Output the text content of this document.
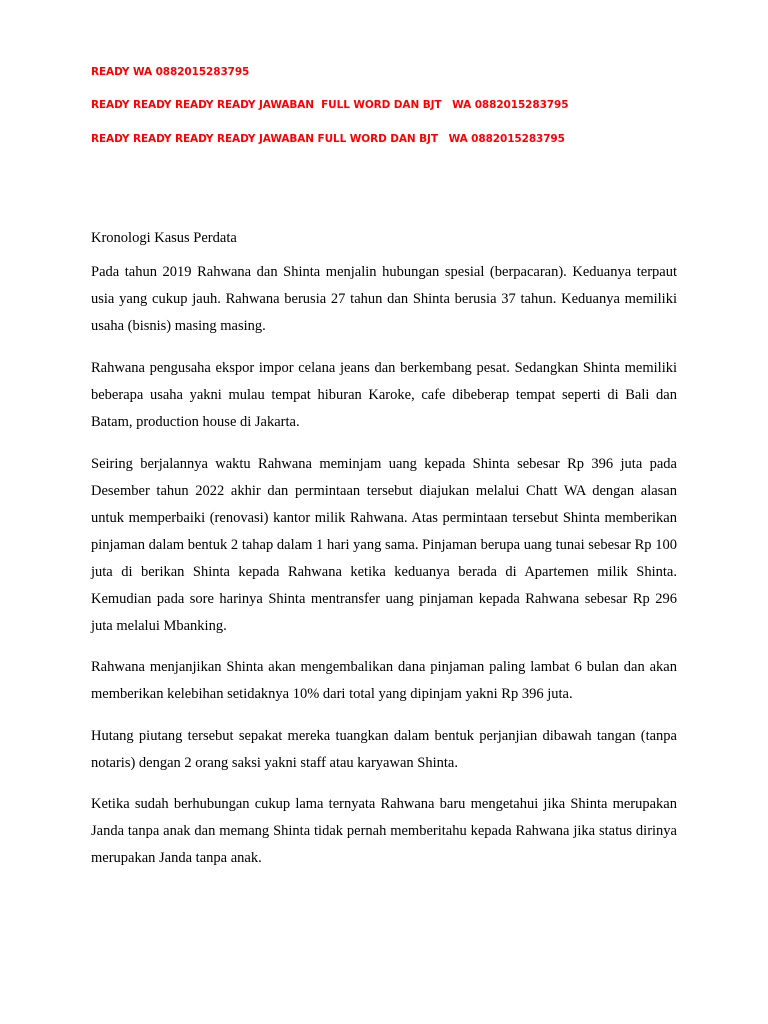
READY WA 0882015283795
READY READY READY READY JAWABAN  FULL WORD DAN BJT   WA 0882015283795
READY READY READY READY JAWABAN FULL WORD DAN BJT   WA 0882015283795
Kronologi Kasus Perdata

Pada tahun 2019 Rahwana dan Shinta menjalin hubungan spesial (berpacaran). Keduanya terpaut usia yang cukup jauh. Rahwana berusia 27 tahun dan Shinta berusia 37 tahun. Keduanya memiliki usaha (bisnis) masing masing.

Rahwana pengusaha ekspor impor celana jeans dan berkembang pesat. Sedangkan Shinta memiliki beberapa usaha yakni mulau tempat hiburan Karoke, cafe dibeberap tempat seperti di Bali dan Batam, production house di Jakarta.

Seiring berjalannya waktu Rahwana meminjam uang kepada Shinta sebesar Rp 396 juta pada Desember tahun 2022 akhir dan permintaan tersebut diajukan melalui Chatt WA dengan alasan untuk memperbaiki (renovasi) kantor milik Rahwana. Atas permintaan tersebut Shinta memberikan pinjaman dalam bentuk 2 tahap dalam 1 hari yang sama. Pinjaman berupa uang tunai sebesar Rp 100 juta di berikan Shinta kepada Rahwana ketika keduanya berada di Apartemen milik Shinta. Kemudian pada sore harinya Shinta mentransfer uang pinjaman kepada Rahwana sebesar Rp 296 juta melalui Mbanking.

Rahwana menjanjikan Shinta akan mengembalikan dana pinjaman paling lambat 6 bulan dan akan memberikan kelebihan setidaknya 10% dari total yang dipinjam yakni Rp 396 juta.

Hutang piutang tersebut sepakat mereka tuangkan dalam bentuk perjanjian dibawah tangan (tanpa notaris) dengan 2 orang saksi yakni staff atau karyawan Shinta.

Ketika sudah berhubungan cukup lama ternyata Rahwana baru mengetahui jika Shinta merupakan Janda tanpa anak dan memang Shinta tidak pernah memberitahu kepada Rahwana jika status dirinya merupakan Janda tanpa anak.
